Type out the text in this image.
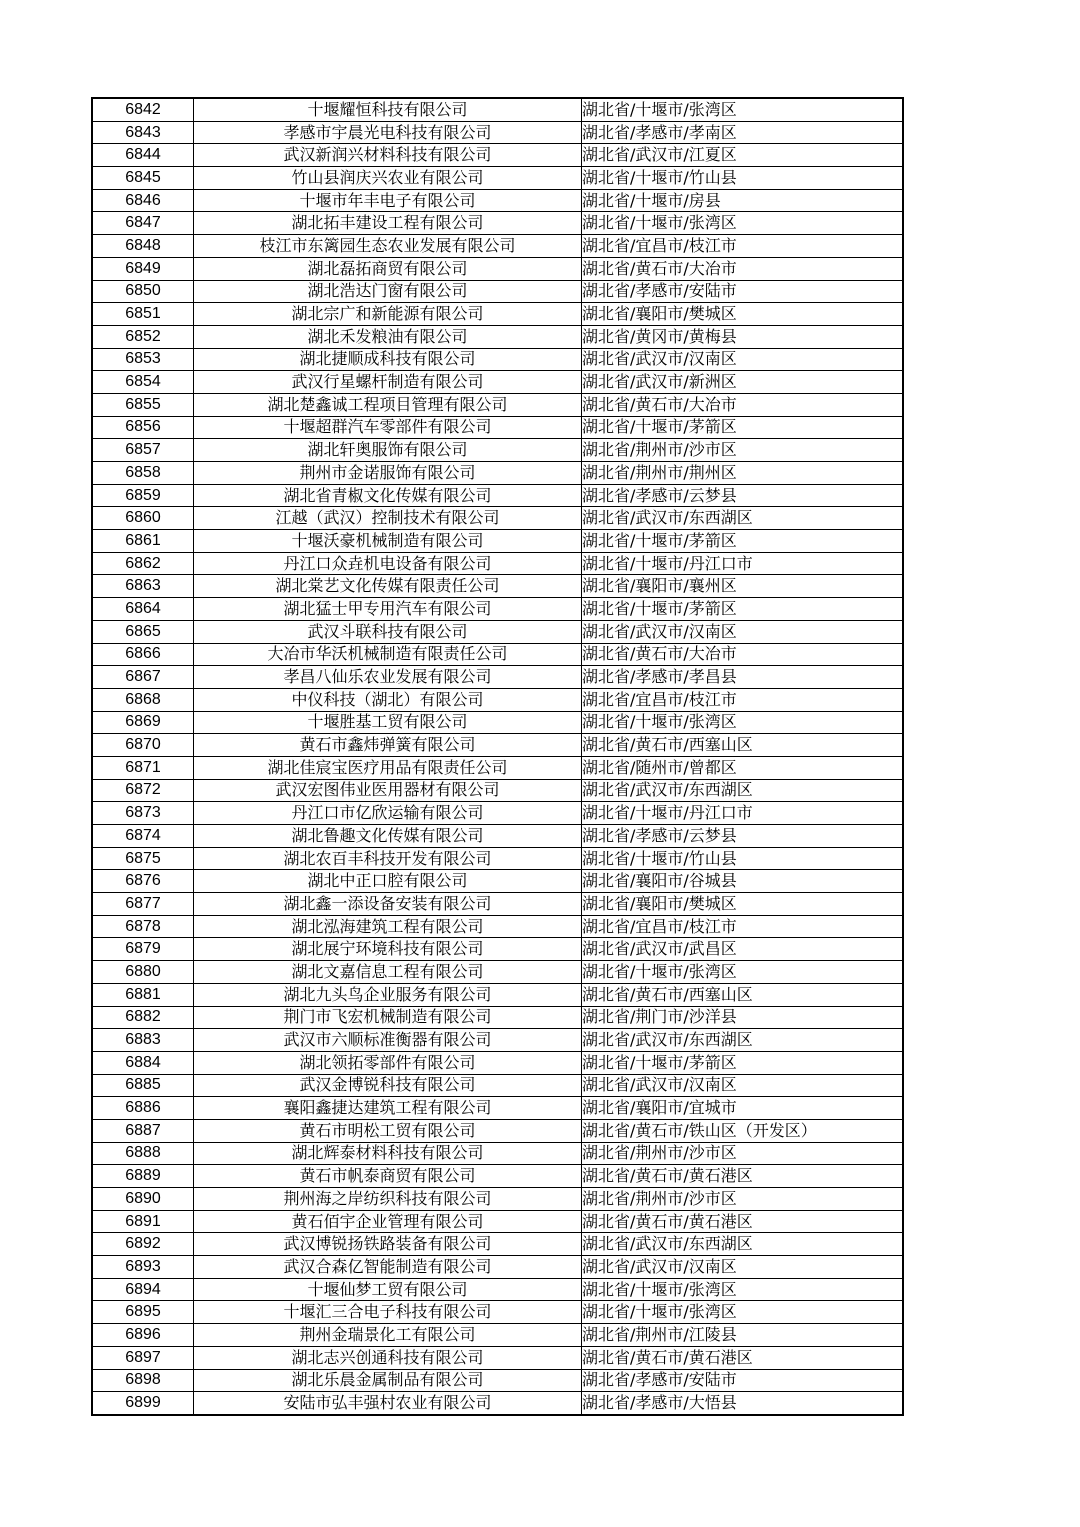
6842	十堰耀恒科技有限公司	湖北省/十堰市/张湾区
6843	孝感市宇晨光电科技有限公司	湖北省/孝感市/孝南区
6844	武汉新润兴材料科技有限公司	湖北省/武汉市/江夏区
6845	竹山县润庆兴农业有限公司	湖北省/十堰市/竹山县
6846	十堰市年丰电子有限公司	湖北省/十堰市/房县
6847	湖北拓丰建设工程有限公司	湖北省/十堰市/张湾区
6848	枝江市东篱园生态农业发展有限公司	湖北省/宜昌市/枝江市
6849	湖北磊拓商贸有限公司	湖北省/黄石市/大冶市
6850	湖北浩达门窗有限公司	湖北省/孝感市/安陆市
6851	湖北宗广和新能源有限公司	湖北省/襄阳市/樊城区
6852	湖北禾发粮油有限公司	湖北省/黄冈市/黄梅县
6853	湖北捷顺成科技有限公司	湖北省/武汉市/汉南区
6854	武汉行星螺杆制造有限公司	湖北省/武汉市/新洲区
6855	湖北楚鑫诚工程项目管理有限公司	湖北省/黄石市/大冶市
6856	十堰超群汽车零部件有限公司	湖北省/十堰市/茅箭区
6857	湖北轩奥服饰有限公司	湖北省/荆州市/沙市区
6858	荆州市金诺服饰有限公司	湖北省/荆州市/荆州区
6859	湖北省青椒文化传媒有限公司	湖北省/孝感市/云梦县
6860	江越（武汉）控制技术有限公司	湖北省/武汉市/东西湖区
6861	十堰沃豪机械制造有限公司	湖北省/十堰市/茅箭区
6862	丹江口众垚机电设备有限公司	湖北省/十堰市/丹江口市
6863	湖北棠艺文化传媒有限责任公司	湖北省/襄阳市/襄州区
6864	湖北猛士甲专用汽车有限公司	湖北省/十堰市/茅箭区
6865	武汉斗联科技有限公司	湖北省/武汉市/汉南区
6866	大冶市华沃机械制造有限责任公司	湖北省/黄石市/大冶市
6867	孝昌八仙乐农业发展有限公司	湖北省/孝感市/孝昌县
6868	中仪科技（湖北）有限公司	湖北省/宜昌市/枝江市
6869	十堰胜基工贸有限公司	湖北省/十堰市/张湾区
6870	黄石市鑫炜弹簧有限公司	湖北省/黄石市/西塞山区
6871	湖北佳宸宝医疗用品有限责任公司	湖北省/随州市/曾都区
6872	武汉宏图伟业医用器材有限公司	湖北省/武汉市/东西湖区
6873	丹江口市亿欣运输有限公司	湖北省/十堰市/丹江口市
6874	湖北鲁趣文化传媒有限公司	湖北省/孝感市/云梦县
6875	湖北农百丰科技开发有限公司	湖北省/十堰市/竹山县
6876	湖北中正口腔有限公司	湖北省/襄阳市/谷城县
6877	湖北鑫一添设备安装有限公司	湖北省/襄阳市/樊城区
6878	湖北泓海建筑工程有限公司	湖北省/宜昌市/枝江市
6879	湖北展宁环境科技有限公司	湖北省/武汉市/武昌区
6880	湖北文嘉信息工程有限公司	湖北省/十堰市/张湾区
6881	湖北九头鸟企业服务有限公司	湖北省/黄石市/西塞山区
6882	荆门市飞宏机械制造有限公司	湖北省/荆门市/沙洋县
6883	武汉市六顺标准衡器有限公司	湖北省/武汉市/东西湖区
6884	湖北领拓零部件有限公司	湖北省/十堰市/茅箭区
6885	武汉金博锐科技有限公司	湖北省/武汉市/汉南区
6886	襄阳鑫捷达建筑工程有限公司	湖北省/襄阳市/宜城市
6887	黄石市明松工贸有限公司	湖北省/黄石市/铁山区（开发区）
6888	湖北辉泰材料科技有限公司	湖北省/荆州市/沙市区
6889	黄石市帆泰商贸有限公司	湖北省/黄石市/黄石港区
6890	荆州海之岸纺织科技有限公司	湖北省/荆州市/沙市区
6891	黄石佰宇企业管理有限公司	湖北省/黄石市/黄石港区
6892	武汉博锐扬铁路装备有限公司	湖北省/武汉市/东西湖区
6893	武汉合森亿智能制造有限公司	湖北省/武汉市/汉南区
6894	十堰仙梦工贸有限公司	湖北省/十堰市/张湾区
6895	十堰汇三合电子科技有限公司	湖北省/十堰市/张湾区
6896	荆州金瑞景化工有限公司	湖北省/荆州市/江陵县
6897	湖北志兴创通科技有限公司	湖北省/黄石市/黄石港区
6898	湖北乐晨金属制品有限公司	湖北省/孝感市/安陆市
6899	安陆市弘丰强村农业有限公司	湖北省/孝感市/大悟县
